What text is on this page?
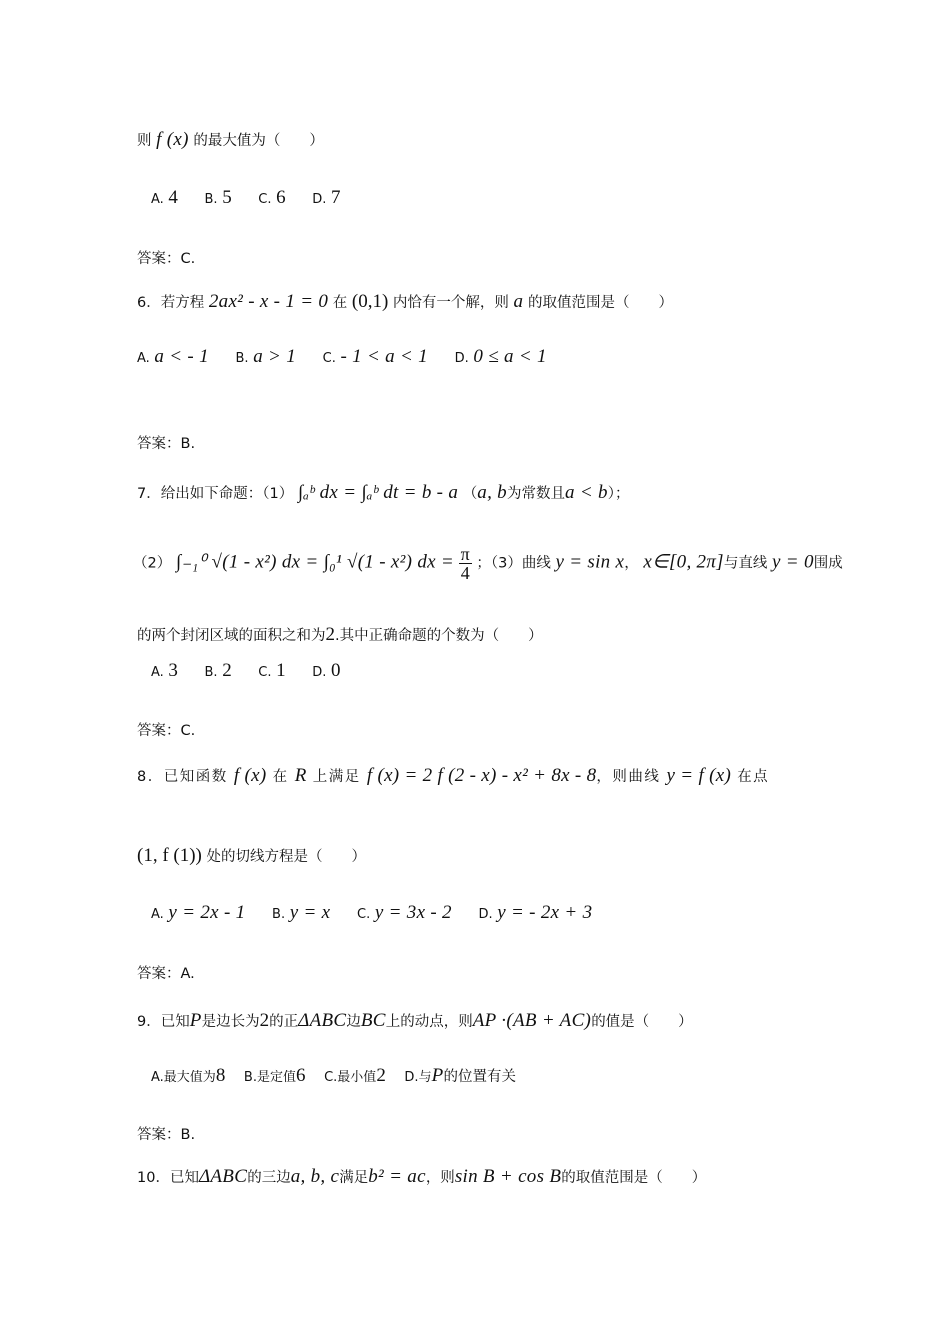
则 f (x) 的最大值为（　　）
A. 4 B. 5 C. 6 D. 7
答案：C.
6．若方程 2ax² - x - 1 = 0 在 (0,1) 内恰有一个解，则 a 的取值范围是（　　）
A. a < - 1 B. a > 1 C. - 1 < a < 1 D. 0 ≤ a < 1
答案：B.
7．给出如下命题：（1） ∫ₐᵇ dx = ∫ₐᵇ dt = b - a （a, b为常数且a < b）；
（2） ∫₋₁⁰ √(1 - x²) dx = ∫₀¹ √(1 - x²) dx = $\frac{\pi}{4}$ ；（3）曲线 y = sin x， x∈[0, 2π]与直线 y = 0围成
的两个封闭区域的面积之和为2.其中正确命题的个数为（　　）
A. 3 B. 2 C. 1 D. 0
答案：C.
8．已知函数 f (x) 在 R 上满足 f (x) = 2 f (2 - x) - x² + 8x - 8，则曲线 y = f (x) 在点
(1, f (1)) 处的切线方程是（　　）
A. y = 2x - 1 B. y = x C. y = 3x - 2 D. y = - 2x + 3
答案：A.
9．已知P是边长为2的正ΔABC边BC上的动点，则AP ·(AB + AC)的值是（　　）
A.最大值为8 B.是定值6 C.最小值2 D.与P的位置有关
答案：B.
10．已知ΔABC的三边a, b, c满足b² = ac，则sin B + cos B的取值范围是（　　）
